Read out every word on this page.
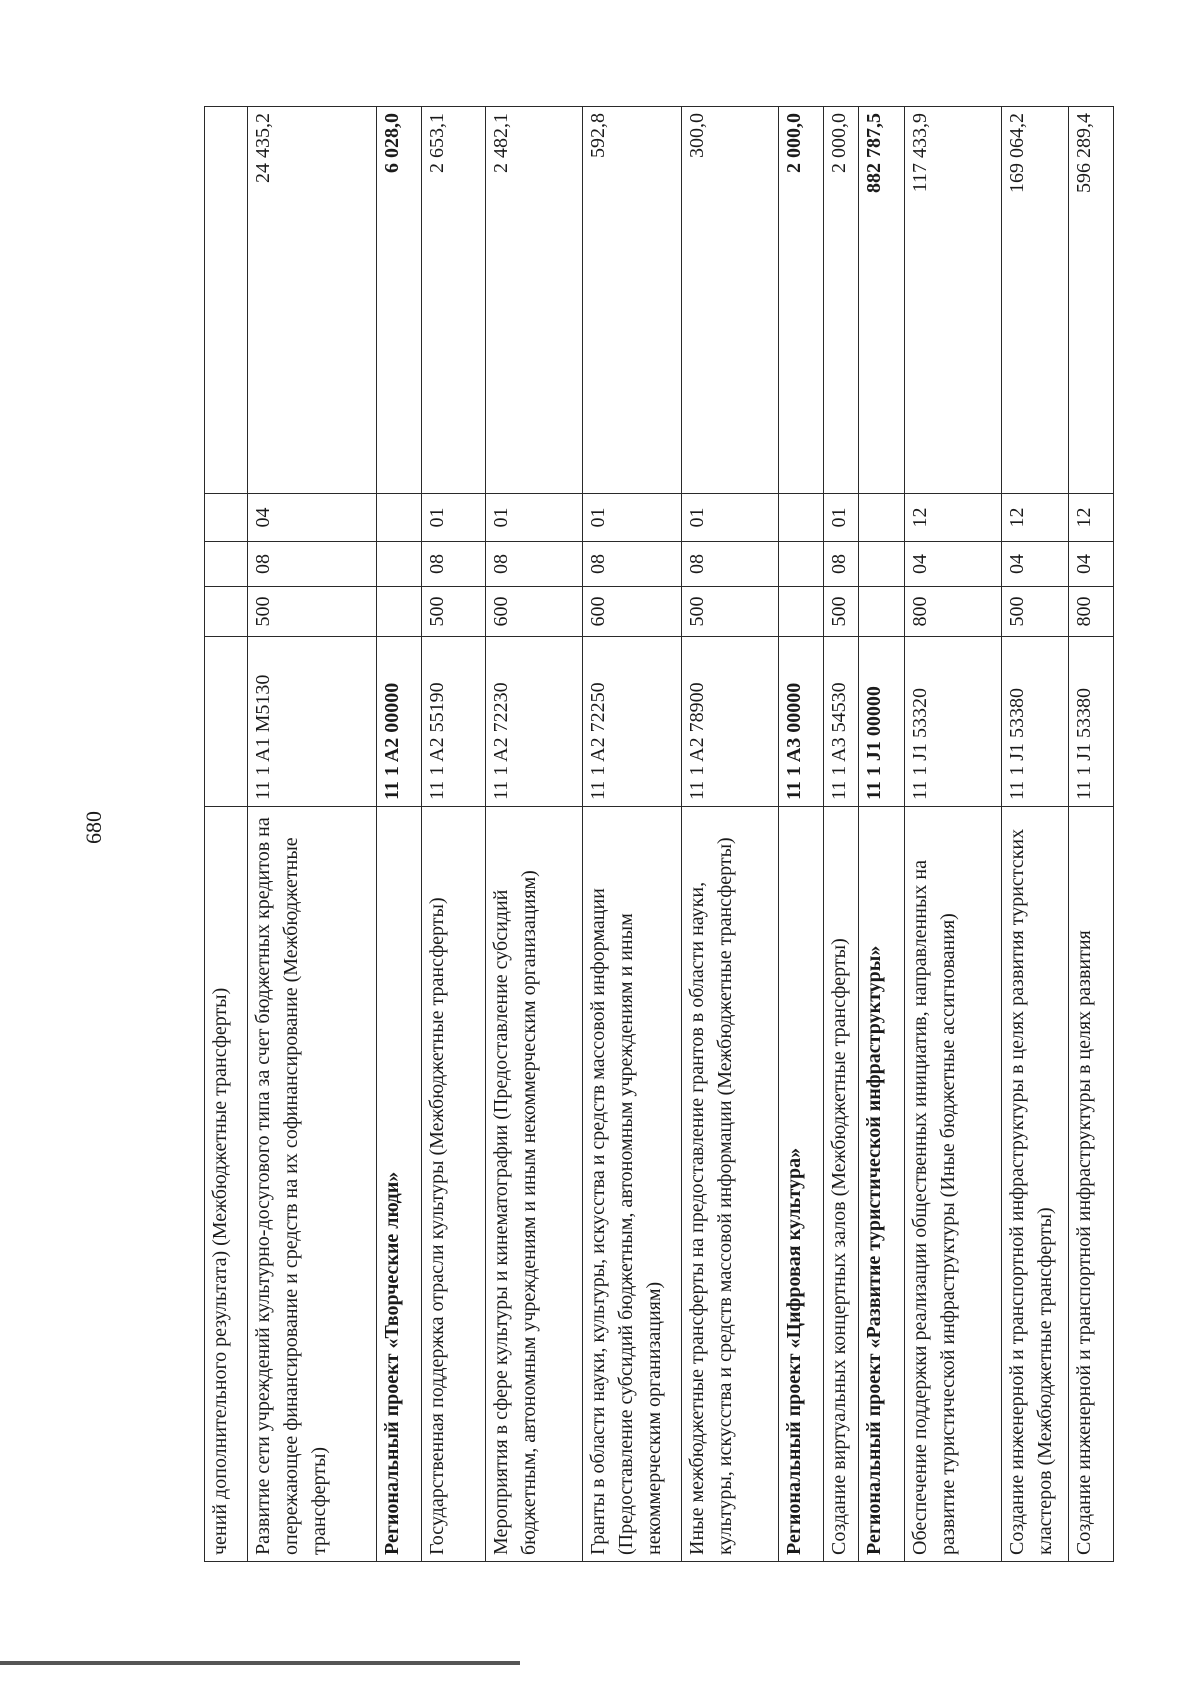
680
чений дополнительного результата) (Межбюджетные трансферты)					
Развитие сети учреждений культурно-досугового типа за счет бюджетных кредитов на опережающее финансирование и средств на их софинансирование (Межбюджетные трансферты)	11 1 A1 M5130	500	08	04	24 435,2
Региональный проект «Творческие люди»	11 1 A2 00000				6 028,0
Государственная поддержка отрасли культуры (Межбюджетные трансферты)	11 1 A2 55190	500	08	01	2 653,1
Мероприятия в сфере культуры и кинематографии (Предоставление субсидий бюджетным, автономным учреждениям и иным некоммерческим организациям)	11 1 A2 72230	600	08	01	2 482,1
Гранты в области науки, культуры, искусства и средств массовой информации (Предоставление субсидий бюджетным, автономным учреждениям и иным некоммерческим организациям)	11 1 A2 72250	600	08	01	592,8
Иные межбюджетные трансферты на предоставление грантов в области науки, культуры, искусства и средств массовой информации (Межбюджетные трансферты)	11 1 A2 78900	500	08	01	300,0
Региональный проект «Цифровая культура»	11 1 A3 00000				2 000,0
Создание виртуальных концертных залов (Межбюджетные трансферты)	11 1 A3 54530	500	08	01	2 000,0
Региональный проект «Развитие туристической инфраструктуры»	11 1 J1 00000				882 787,5
Обеспечение поддержки реализации общественных инициатив, направленных на развитие туристической инфраструктуры (Иные бюджетные ассигнования)	11 1 J1 53320	800	04	12	117 433,9
Создание инженерной и транспортной инфраструктуры в целях развития туристских кластеров (Межбюджетные трансферты)	11 1 J1 53380	500	04	12	169 064,2
Создание инженерной и транспортной инфраструктуры в целях развития	11 1 J1 53380	800	04	12	596 289,4
